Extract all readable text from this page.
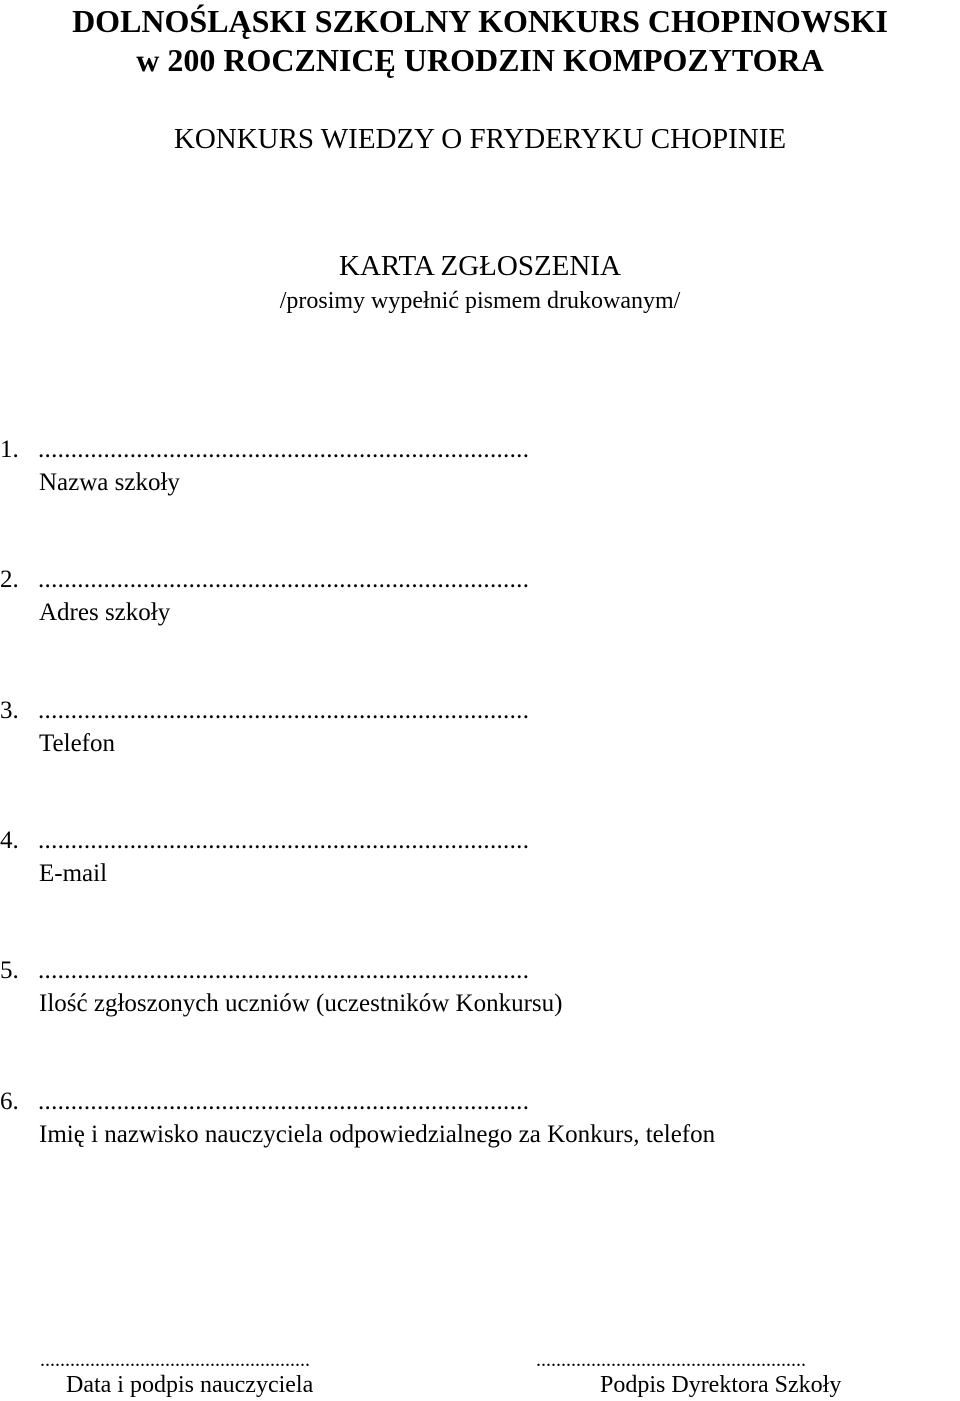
DOLNOŚLĄSKI SZKOLNY KONKURS CHOPINOWSKI
w 200 ROCZNICĘ URODZIN KOMPOZYTORA
KONKURS WIEDZY O FRYDERYKU CHOPINIE
KARTA ZGŁOSZENIA
/prosimy wypełnić pismem drukowanym/
1. ...........................................................................
Nazwa szkoły
2. ...........................................................................
Adres szkoły
3. ...........................................................................
Telefon
4. ...........................................................................
E-mail
5. ...........................................................................
Ilość zgłoszonych uczniów (uczestników Konkursu)
6. ...........................................................................
Imię i nazwisko nauczyciela odpowiedzialnego za Konkurs, telefon
......................................................
Data i podpis nauczyciela
......................................................
Podpis Dyrektora Szkoły
